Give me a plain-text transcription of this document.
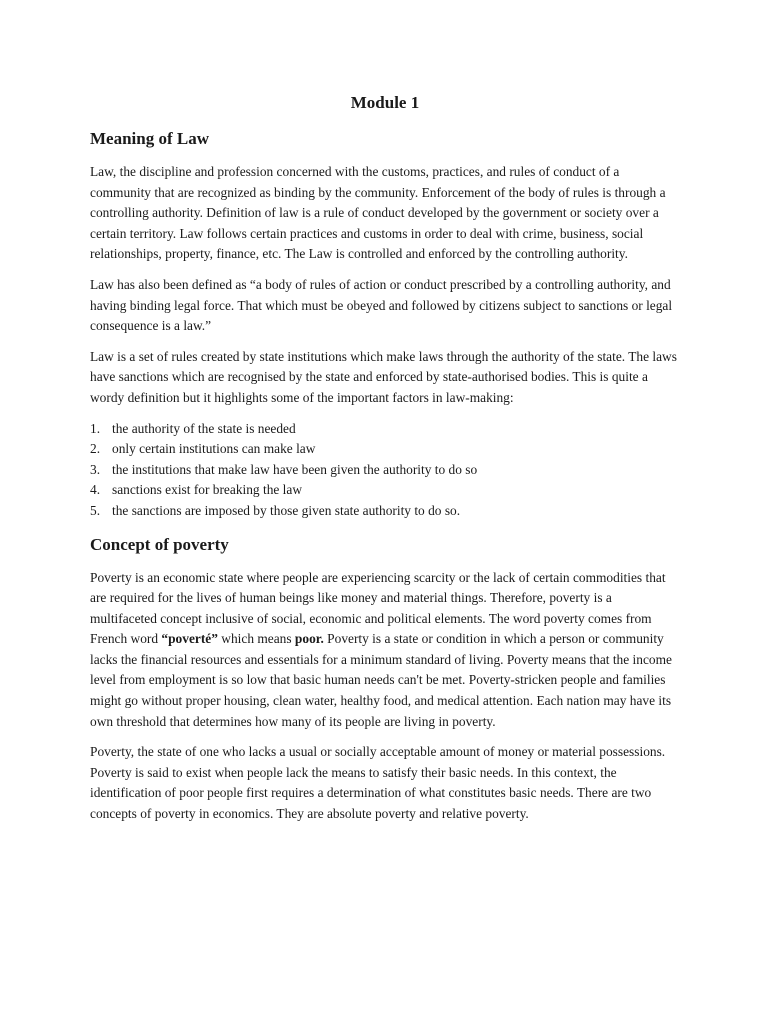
Module 1
Meaning of Law

Law, the discipline and profession concerned with the customs, practices, and rules of conduct of a community that are recognized as binding by the community. Enforcement of the body of rules is through a controlling authority. Definition of law is a rule of conduct developed by the government or society over a certain territory. Law follows certain practices and customs in order to deal with crime, business, social relationships, property, finance, etc. The Law is controlled and enforced by the controlling authority.

Law has also been defined as “a body of rules of action or conduct prescribed by a controlling authority, and having binding legal force. That which must be obeyed and followed by citizens subject to sanctions or legal consequence is a law.”

Law is a set of rules created by state institutions which make laws through the authority of the state. The laws have sanctions which are recognised by the state and enforced by state-authorised bodies. This is quite a wordy definition but it highlights some of the important factors in law-making:

1. the authority of the state is needed
2. only certain institutions can make law
3. the institutions that make law have been given the authority to do so
4. sanctions exist for breaking the law
5. the sanctions are imposed by those given state authority to do so.
Concept of poverty

Poverty is an economic state where people are experiencing scarcity or the lack of certain commodities that are required for the lives of human beings like money and material things. Therefore, poverty is a multifaceted concept inclusive of social, economic and political elements. The word poverty comes from French word “poverté” which means poor. Poverty is a state or condition in which a person or community lacks the financial resources and essentials for a minimum standard of living. Poverty means that the income level from employment is so low that basic human needs can't be met. Poverty-stricken people and families might go without proper housing, clean water, healthy food, and medical attention. Each nation may have its own threshold that determines how many of its people are living in poverty.

Poverty, the state of one who lacks a usual or socially acceptable amount of money or material possessions. Poverty is said to exist when people lack the means to satisfy their basic needs. In this context, the identification of poor people first requires a determination of what constitutes basic needs. There are two concepts of poverty in economics. They are absolute poverty and relative poverty.
